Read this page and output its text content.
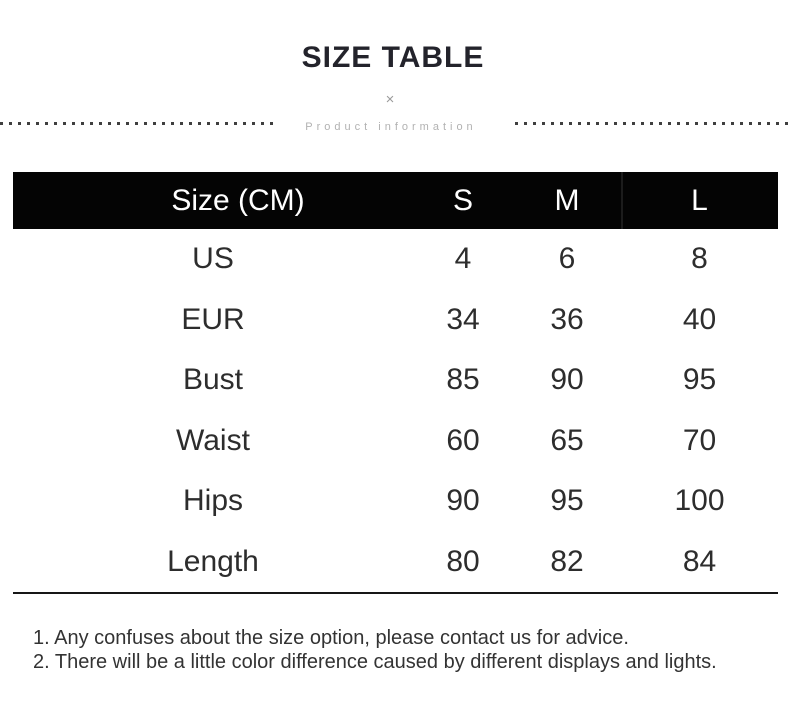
SIZE TABLE
×
Product information
Size (CM)	S	M	L
US	4	6	8
EUR	34	36	40
Bust	85	90	95
Waist	60	65	70
Hips	90	95	100
Length	80	82	84

1. Any confuses about the size option, please contact us for advice.

2. There will be a little color difference caused by different displays and lights.
